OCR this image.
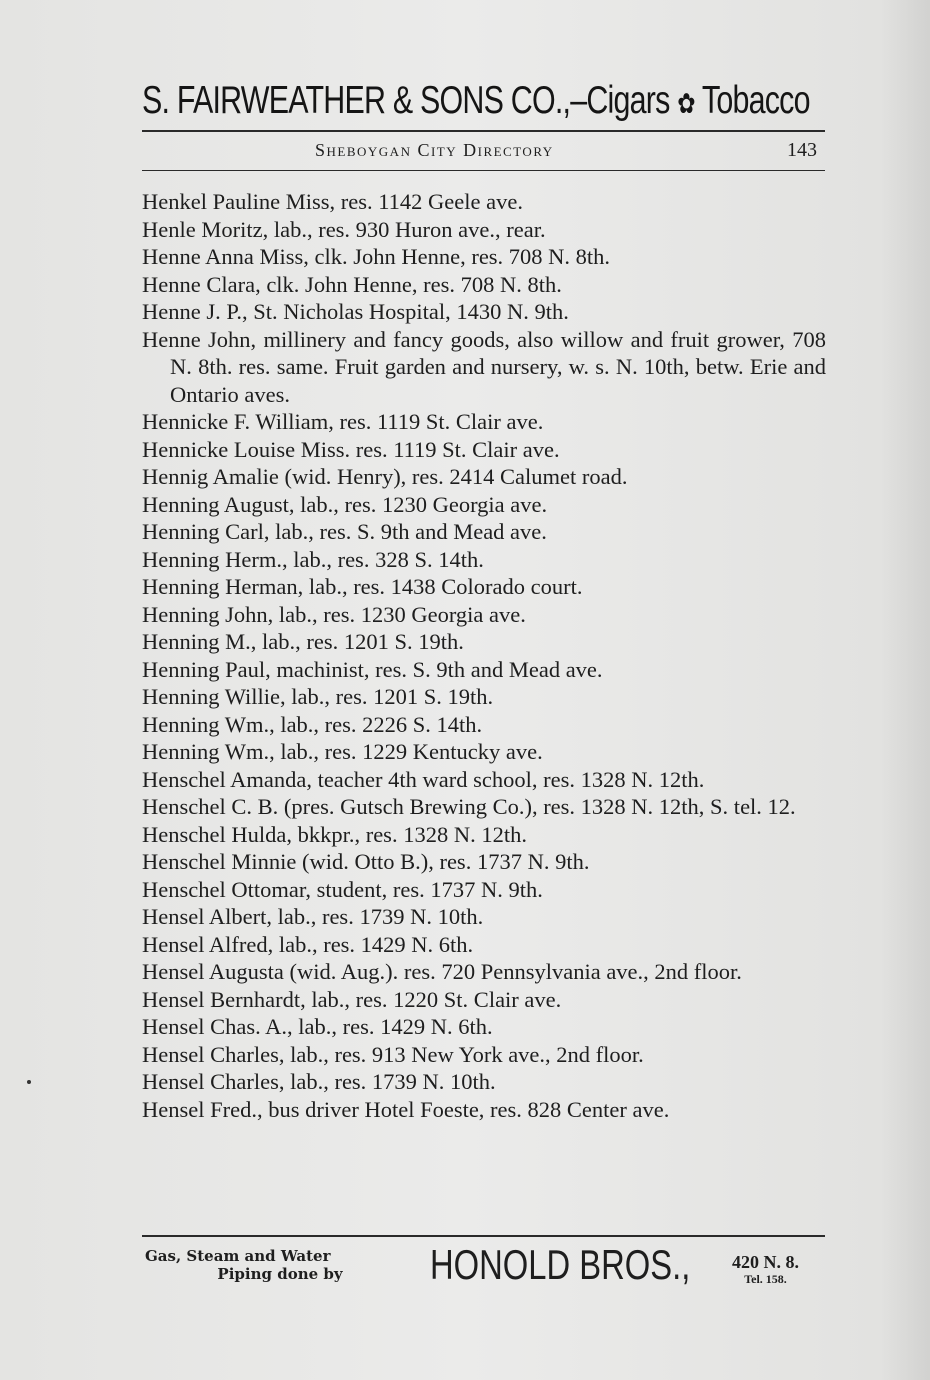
S. FAIRWEATHER & SONS CO.,–Cigars ✿ Tobacco
Sheboygan City Directory	143
Henkel Pauline Miss, res. 1142 Geele ave.
Henle Moritz, lab., res. 930 Huron ave., rear.
Henne Anna Miss, clk. John Henne, res. 708 N. 8th.
Henne Clara, clk. John Henne, res. 708 N. 8th.
Henne J. P., St. Nicholas Hospital, 1430 N. 9th.
Henne John, millinery and fancy goods, also willow and fruit grower, 708 N. 8th. res. same. Fruit garden and nursery, w. s. N. 10th, betw. Erie and Ontario aves.
Hennicke F. William, res. 1119 St. Clair ave.
Hennicke Louise Miss. res. 1119 St. Clair ave.
Hennig Amalie (wid. Henry), res. 2414 Calumet road.
Henning August, lab., res. 1230 Georgia ave.
Henning Carl, lab., res. S. 9th and Mead ave.
Henning Herm., lab., res. 328 S. 14th.
Henning Herman, lab., res. 1438 Colorado court.
Henning John, lab., res. 1230 Georgia ave.
Henning M., lab., res. 1201 S. 19th.
Henning Paul, machinist, res. S. 9th and Mead ave.
Henning Willie, lab., res. 1201 S. 19th.
Henning Wm., lab., res. 2226 S. 14th.
Henning Wm., lab., res. 1229 Kentucky ave.
Henschel Amanda, teacher 4th ward school, res. 1328 N. 12th.
Henschel C. B. (pres. Gutsch Brewing Co.), res. 1328 N. 12th, S. tel. 12.
Henschel Hulda, bkkpr., res. 1328 N. 12th.
Henschel Minnie (wid. Otto B.), res. 1737 N. 9th.
Henschel Ottomar, student, res. 1737 N. 9th.
Hensel Albert, lab., res. 1739 N. 10th.
Hensel Alfred, lab., res. 1429 N. 6th.
Hensel Augusta (wid. Aug.). res. 720 Pennsylvania ave., 2nd floor.
Hensel Bernhardt, lab., res. 1220 St. Clair ave.
Hensel Chas. A., lab., res. 1429 N. 6th.
Hensel Charles, lab., res. 913 New York ave., 2nd floor.
Hensel Charles, lab., res. 1739 N. 10th.
Hensel Fred., bus driver Hotel Foeste, res. 828 Center ave.
Gas, Steam and Water
Piping done by	HONOLD BROS., 420 N. 8.
Tel. 158.
